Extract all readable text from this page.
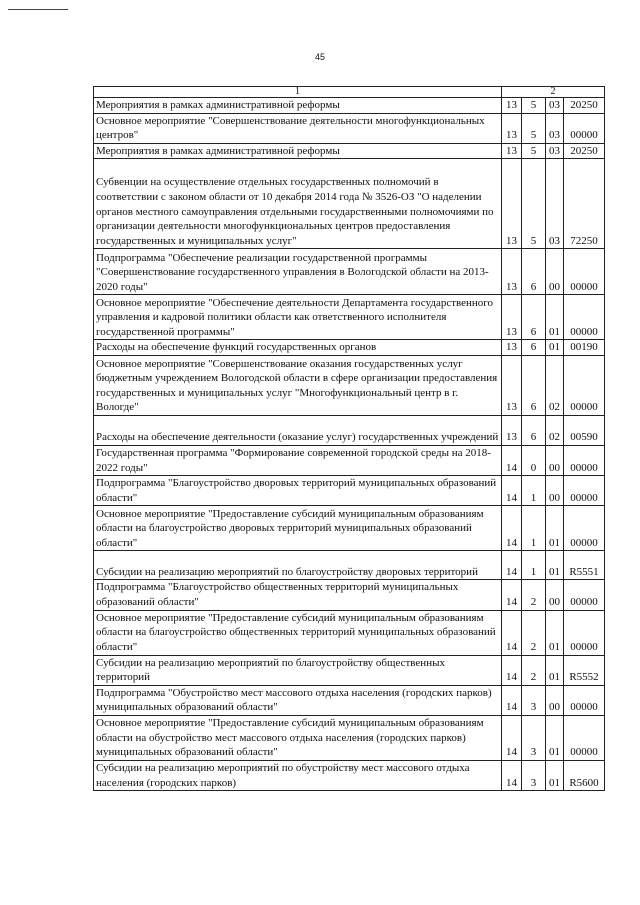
45
1	2			
Мероприятия в рамках административной реформы	13	5	03	20250
Основное мероприятие "Совершенствование деятельности многофункциональных центров"	13	5	03	00000
Мероприятия в рамках административной реформы	13	5	03	20250
Субвенции на осуществление отдельных государственных полномочий в соответствии с законом области от 10 декабря 2014 года № 3526-ОЗ "О наделении органов местного самоуправления отдельными государственными полномочиями по организации деятельности многофункциональных центров предоставления государственных и муниципальных услуг"	13	5	03	72250
Подпрограмма "Обеспечение реализации государственной программы "Совершенствование государственного управления в Вологодской области на 2013-2020 годы"	13	6	00	00000
Основное мероприятие "Обеспечение деятельности Департамента государственного управления и кадровой политики области как ответственного исполнителя государственной программы"	13	6	01	00000
Расходы на обеспечение функций государственных органов	13	6	01	00190
Основное мероприятие "Совершенствование оказания государственных услуг бюджетным учреждением Вологодской области в сфере организации предоставления государственных и муниципальных услуг "Многофункциональный центр в г. Вологде"	13	6	02	00000
Расходы на обеспечение деятельности (оказание услуг) государственных учреждений	13	6	02	00590
Государственная программа "Формирование современной городской среды на 2018-2022 годы"	14	0	00	00000
Подпрограмма "Благоустройство дворовых территорий муниципальных образований области"	14	1	00	00000
Основное мероприятие "Предоставление субсидий муниципальным образованиям области на благоустройство дворовых территорий муниципальных образований области"	14	1	01	00000
Субсидии на реализацию мероприятий по благоустройству дворовых территорий	14	1	01	R5551
Подпрограмма "Благоустройство общественных территорий муниципальных образований области"	14	2	00	00000
Основное мероприятие "Предоставление субсидий муниципальным образованиям области на благоустройство общественных территорий муниципальных образований области"	14	2	01	00000
Субсидии на реализацию мероприятий по благоустройству общественных территорий	14	2	01	R5552
Подпрограмма "Обустройство мест массового отдыха населения (городских парков) муниципальных образований области"	14	3	00	00000
Основное мероприятие "Предоставление субсидий муниципальным образованиям области на обустройство мест массового отдыха населения (городских парков) муниципальных образований области"	14	3	01	00000
Субсидии на реализацию мероприятий по обустройству мест массового отдыха населения (городских парков)	14	3	01	R5600
